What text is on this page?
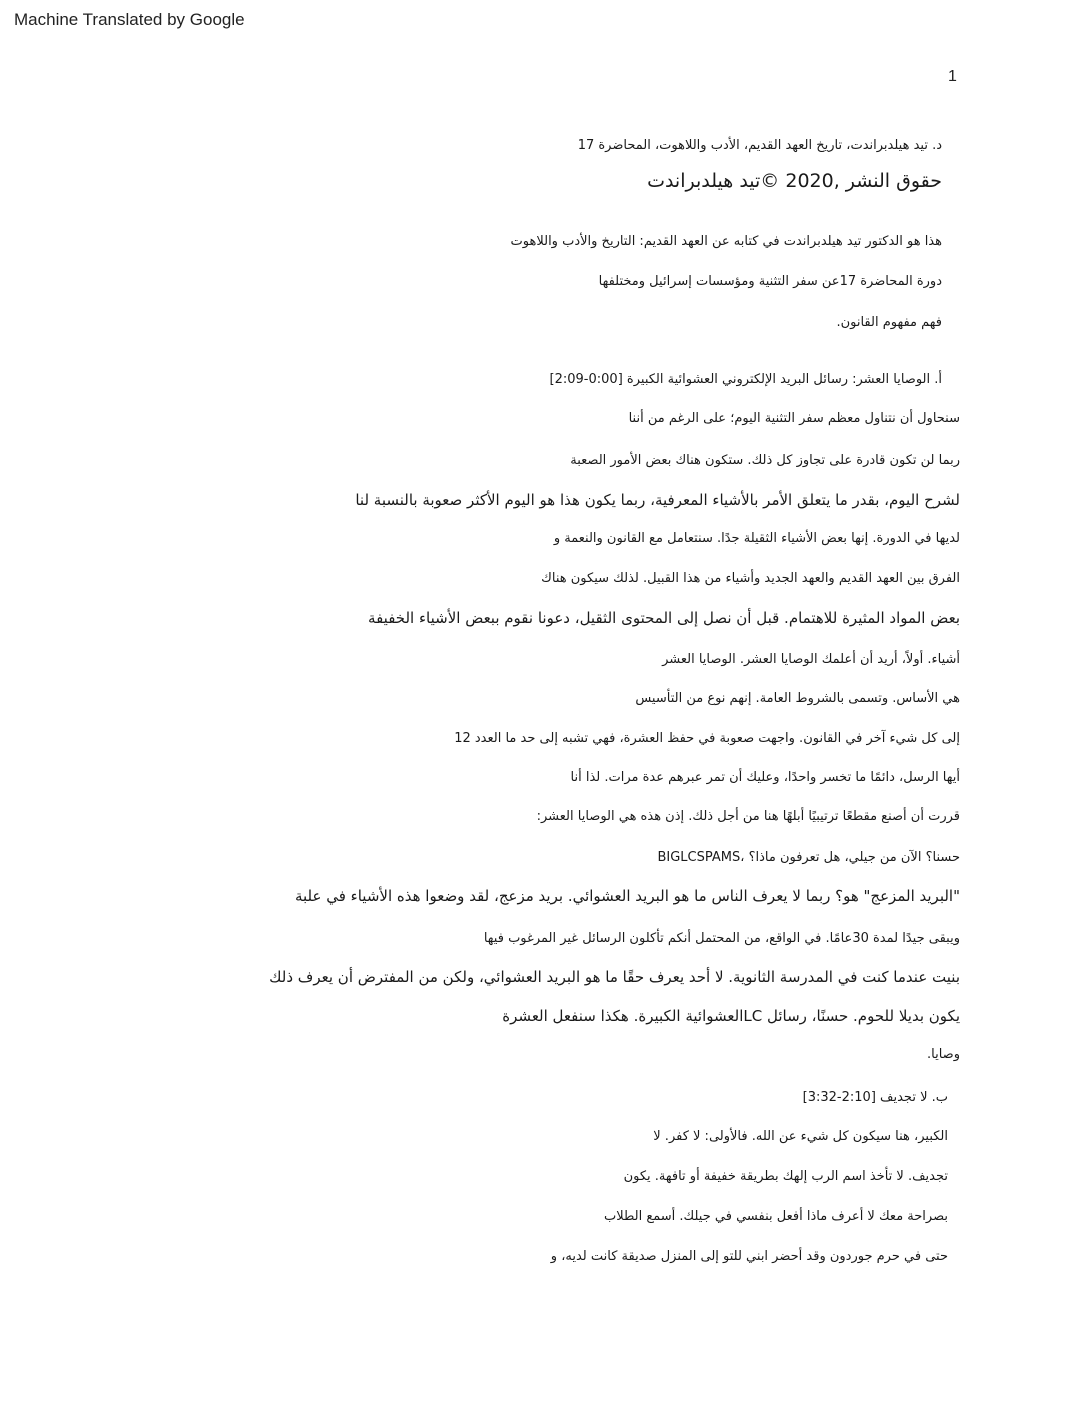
Machine Translated by Google
1
د. تيد هيلدبراندت، تاريخ العهد القديم، الأدب واللاهوت، المحاضرة 17
حقوق النشر ,2020 ©تيد هيلدبراندت
هذا هو الدكتور تيد هيلدبراندت في كتابه عن العهد القديم: التاريخ والأدب واللاهوت
دورة المحاضرة 17عن سفر التثنية ومؤسسات إسرائيل ومختلفها
فهم مفهوم القانون.
أ. الوصايا العشر: رسائل البريد الإلكتروني العشوائية الكبيرة [0:00-2:09]
سنحاول أن نتناول معظم سفر التثنية اليوم؛ على الرغم من أننا
ربما لن تكون قادرة على تجاوز كل ذلك. ستكون هناك بعض الأمور الصعبة
لشرح اليوم، بقدر ما يتعلق الأمر بالأشياء المعرفية، ربما يكون هذا هو اليوم الأكثر صعوبة بالنسبة لنا
لديها في الدورة. إنها بعض الأشياء الثقيلة جدًا. سنتعامل مع القانون والنعمة و
الفرق بين العهد القديم والعهد الجديد وأشياء من هذا القبيل. لذلك سيكون هناك
بعض المواد المثيرة للاهتمام. قبل أن نصل إلى المحتوى الثقيل، دعونا نقوم ببعض الأشياء الخفيفة
أشياء. أولاً، أريد أن أعلمك الوصايا العشر. الوصايا العشر
هي الأساس. وتسمى بالشروط العامة. إنهم نوع من التأسيس
إلى كل شيء آخر في القانون. واجهت صعوبة في حفظ العشرة، فهي تشبه إلى حد ما العدد 12
أيها الرسل، دائمًا ما تخسر واحدًا، وعليك أن تمر عبرهم عدة مرات. لذا أنا
قررت أن أصنع مقطعًا ترتيبيًا أبلهًا هنا من أجل ذلك. إذن هذه هي الوصايا العشر:
BIGLCSPAMS، حسنا؟ الآن من جيلي، هل تعرفون ماذا؟
"البريد المزعج" هو؟ ربما لا يعرف الناس ما هو البريد العشوائي. بريد مزعج، لقد وضعوا هذه الأشياء في علبة
ويبقى جيدًا لمدة 30عامًا. في الواقع، من المحتمل أنكم تأكلون الرسائل غير المرغوب فيها
بنيت عندما كنت في المدرسة الثانوية. لا أحد يعرف حقًا ما هو البريد العشوائي، ولكن من المفترض أن يعرف ذلك
يكون بديلا للحوم. حسنًا، رسائل LCالعشوائية الكبيرة. هكذا سنفعل العشرة
وصايا.
ب. لا تجديف [2:10-3:32]
الكبير، هنا سيكون كل شيء عن الله. فالأولى: لا كفر. لا
تجديف. لا تأخذ اسم الرب إلهك بطريقة خفيفة أو تافهة. يكون
بصراحة معك لا أعرف ماذا أفعل بنفسي في جيلك. أسمع الطلاب
حتى في حرم جوردون وقد أحضر ابني للتو إلى المنزل صديقة كانت لديه، و
